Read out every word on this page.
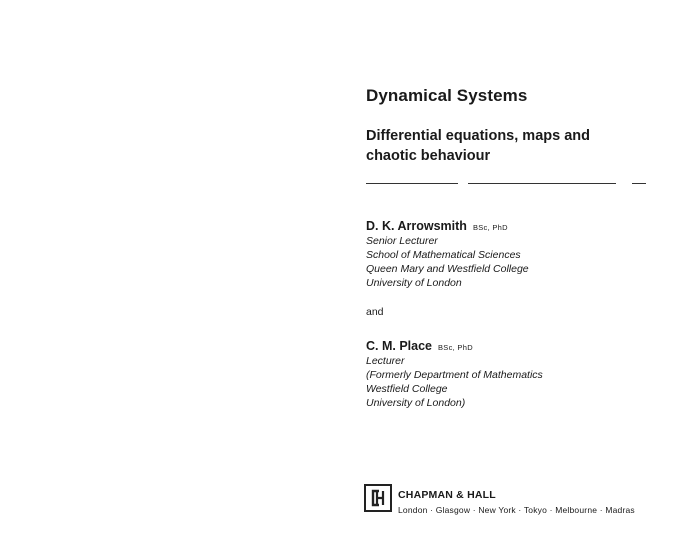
Dynamical Systems
Differential equations, maps and
chaotic behaviour
D. K. Arrowsmith BSc, PhD
Senior Lecturer
School of Mathematical Sciences
Queen Mary and Westfield College
University of London
and
C. M. Place BSc, PhD
Lecturer
(Formerly Department of Mathematics
Westfield College
University of London)
CHAPMAN & HALL
London · Glasgow · New York · Tokyo · Melbourne · Madras
